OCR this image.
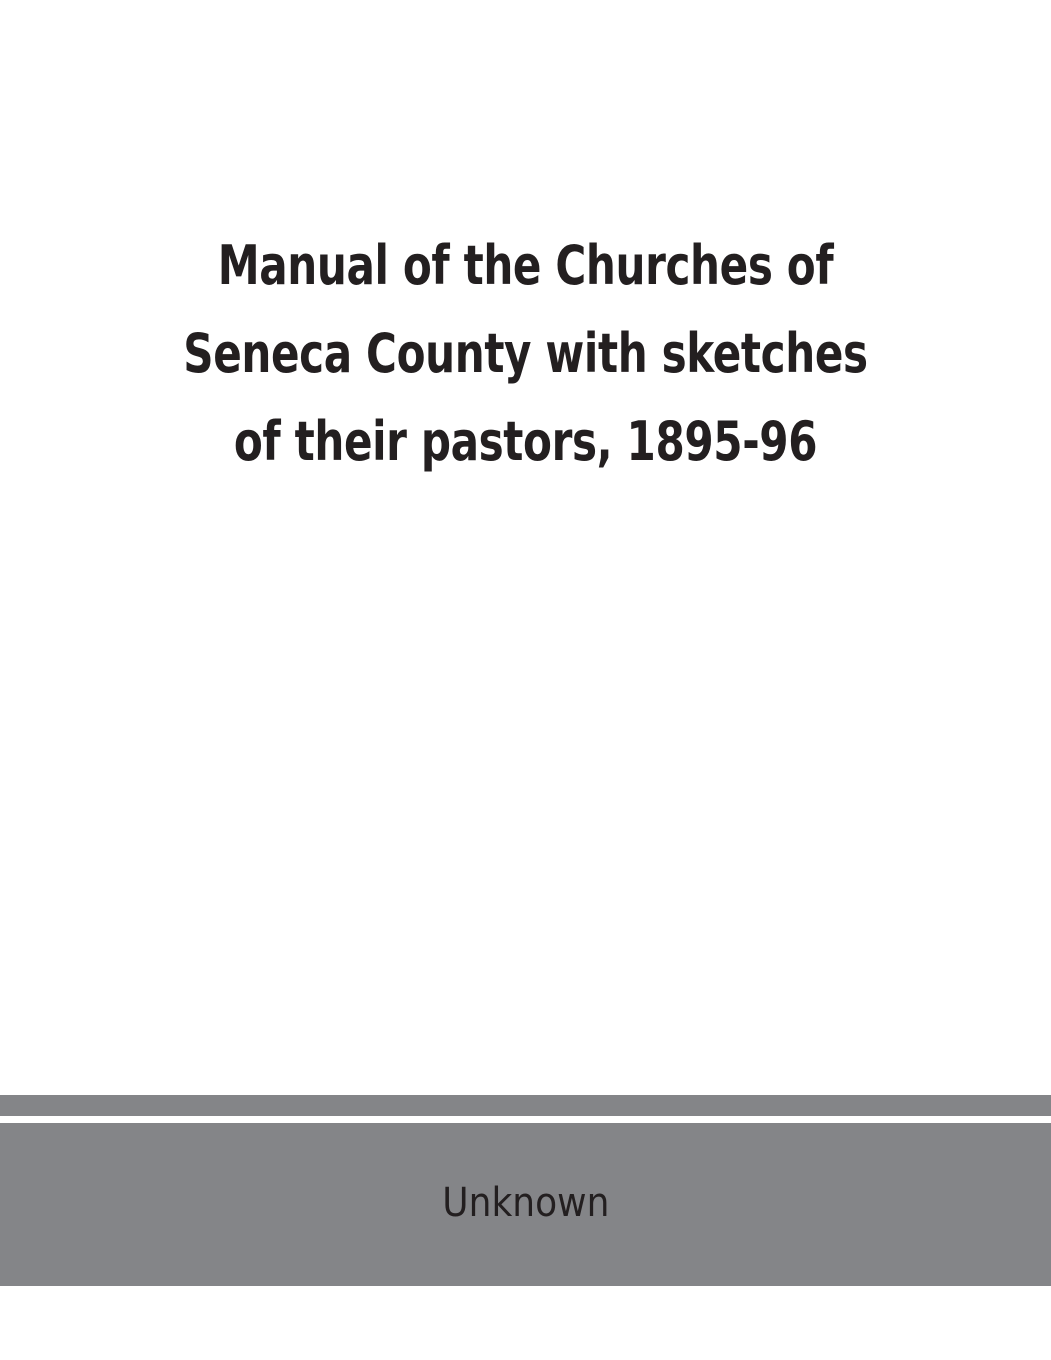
Manual of the Churches of
Seneca County with sketches
of their pastors, 1895-96
Unknown
